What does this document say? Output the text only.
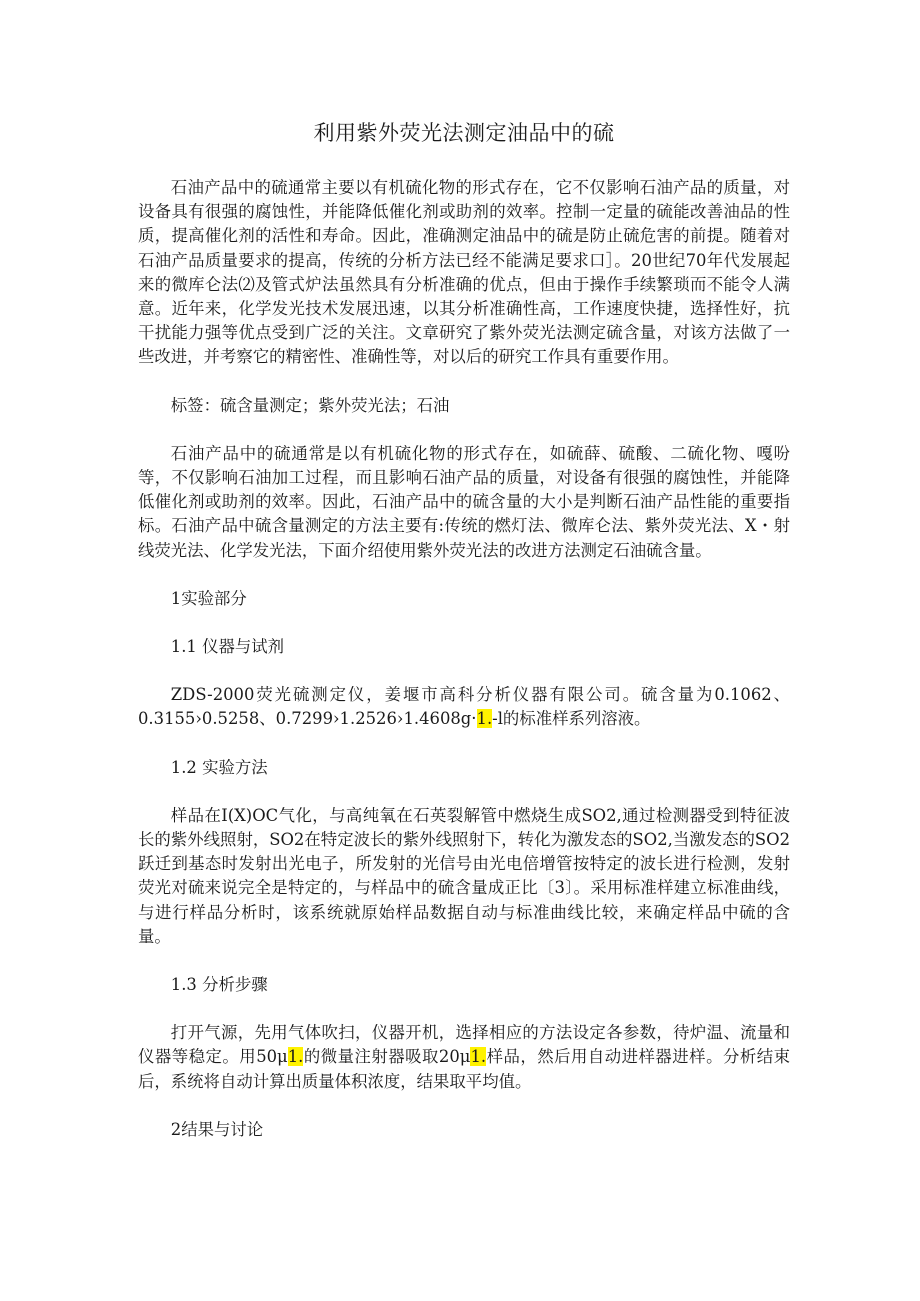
利用紫外荧光法测定油品中的硫

石油产品中的硫通常主要以有机硫化物的形式存在，它不仅影响石油产品的质量，对设备具有很强的腐蚀性，并能降低催化剂或助剂的效率。控制一定量的硫能改善油品的性质，提高催化剂的活性和寿命。因此，准确测定油品中的硫是防止硫危害的前提。随着对石油产品质量要求的提高，传统的分析方法已经不能满足要求口］。20世纪70年代发展起来的微库仑法⑵及管式炉法虽然具有分析准确的优点，但由于操作手续繁琐而不能令人满意。近年来，化学发光技术发展迅速，以其分析准确性高，工作速度快捷，选择性好，抗干扰能力强等优点受到广泛的关注。文章研究了紫外荧光法测定硫含量，对该方法做了一些改进，并考察它的精密性、准确性等，对以后的研究工作具有重要作用。

标签：硫含量测定；紫外荧光法；石油

石油产品中的硫通常是以有机硫化物的形式存在，如硫薛、硫酸、二硫化物、嘎吩等，不仅影响石油加工过程，而且影响石油产品的质量，对设备有很强的腐蚀性，并能降低催化剂或助剂的效率。因此，石油产品中的硫含量的大小是判断石油产品性能的重要指标。石油产品中硫含量测定的方法主要有:传统的燃灯法、微库仑法、紫外荧光法、X・射线荧光法、化学发光法，下面介绍使用紫外荧光法的改进方法测定石油硫含量。

1实验部分
1.1 仪器与试剂

ZDS-2000荧光硫测定仪，姜堰市高科分析仪器有限公司。硫含量为0.1062、0.3155›0.5258、0.7299›1.2526›1.4608g·1.-l的标准样系列溶液。

1.2 实验方法

样品在I(X)OC气化，与高纯氧在石英裂解管中燃烧生成SO2,通过检测器受到特征波长的紫外线照射，SO2在特定波长的紫外线照射下，转化为激发态的SO2,当激发态的SO2跃迁到基态时发射出光电子，所发射的光信号由光电倍增管按特定的波长进行检测，发射荧光对硫来说完全是特定的，与样品中的硫含量成正比〔3〕。采用标准样建立标准曲线，与进行样品分析时，该系统就原始样品数据自动与标准曲线比较，来确定样品中硫的含量。

1.3 分析步骤

打开气源，先用气体吹扫，仪器开机，选择相应的方法设定各参数，待炉温、流量和仪器等稳定。用50μ1.的微量注射器吸取20μ1.样品，然后用自动进样器进样。分析结束后，系统将自动计算出质量体积浓度，结果取平均值。

2结果与讨论
